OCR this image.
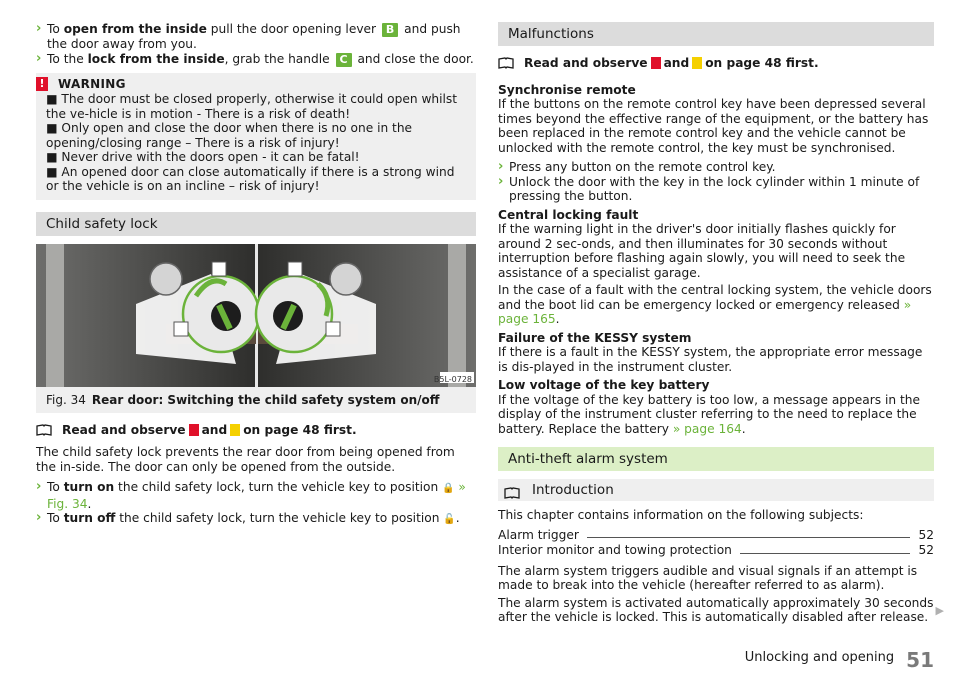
› To open from the inside pull the door opening lever B and push the door away from you.
› To the lock from the inside, grab the handle C and close the door.
! WARNING

■ The door must be closed properly, otherwise it could open whilst the ve-hicle is in motion - There is a risk of death!

■ Only open and close the door when there is no one in the opening/closing range – There is a risk of injury!

■ Never drive with the doors open - it can be fatal!

■ An opened door can close automatically if there is a strong wind or the vehicle is on an incline – risk of injury!

Child safety lock
B5L-0728
Fig. 34 Rear door: Switching the child safety system on/off
Read and observe and on page 48 first.

The child safety lock prevents the rear door from being opened from the in-side. The door can only be opened from the outside.

› To turn on the child safety lock, turn the vehicle key to position 🔒 » Fig. 34.
› To turn off the child safety lock, turn the vehicle key to position 🔓.
Malfunctions
Read and observe and on page 48 first.

Synchronise remote

If the buttons on the remote control key have been depressed several times beyond the effective range of the equipment, or the battery has been replaced in the remote control key and the vehicle cannot be unlocked with the remote control, the key must be synchronised.

› Press any button on the remote control key.
› Unlock the door with the key in the lock cylinder within 1 minute of pressing the button.

Central locking fault

If the warning light in the driver's door initially flashes quickly for around 2 sec-onds, and then illuminates for 30 seconds without interruption before flashing again slowly, you will need to seek the assistance of a specialist garage.

In the case of a fault with the central locking system, the vehicle doors and the boot lid can be emergency locked or emergency released » page 165.

Failure of the KESSY system

If there is a fault in the KESSY system, the appropriate error message is dis-played in the instrument cluster.

Low voltage of the key battery

If the voltage of the key battery is too low, a message appears in the display of the instrument cluster referring to the need to replace the battery. Replace the battery » page 164.

Anti-theft alarm system
Introduction

This chapter contains information on the following subjects:

Alarm trigger	52
Interior monitor and towing protection	52

The alarm system triggers audible and visual signals if an attempt is made to break into the vehicle (hereafter referred to as alarm).

The alarm system is activated automatically approximately 30 seconds after the vehicle is locked. This is automatically disabled after release. ▶
Unlocking and opening 51
